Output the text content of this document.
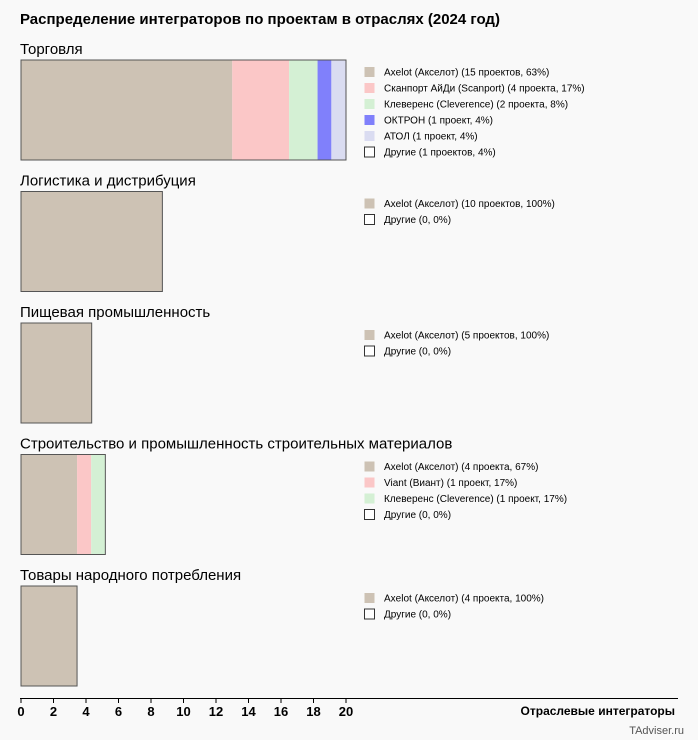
Распределение интеграторов по проектам в отраслях (2024 год)
Торговля
Axelot (Акселот) (15 проектов, 63%)
Сканпорт АйДи (Scanport) (4 проекта, 17%)
Клеверенс (Cleverence) (2 проекта, 8%)
ОКТРОН (1 проект, 4%)
АТОЛ (1 проект, 4%)
Другие (1 проектов, 4%)
Логистика и дистрибуция
Axelot (Акселот) (10 проектов, 100%)
Другие (0, 0%)
Пищевая промышленность
Axelot (Акселот) (5 проектов, 100%)
Другие (0, 0%)
Строительство и промышленность строительных материалов
Axelot (Акселот) (4 проекта, 67%)
Viant (Виант) (1 проект, 17%)
Клеверенс (Cleverence) (1 проект, 17%)
Другие (0, 0%)
Товары народного потребления
Axelot (Акселот) (4 проекта, 100%)
Другие (0, 0%)
0 2 4 6 8 10 12 14 16 18 20	Отраслевые интеграторы
TAdviser.ru
